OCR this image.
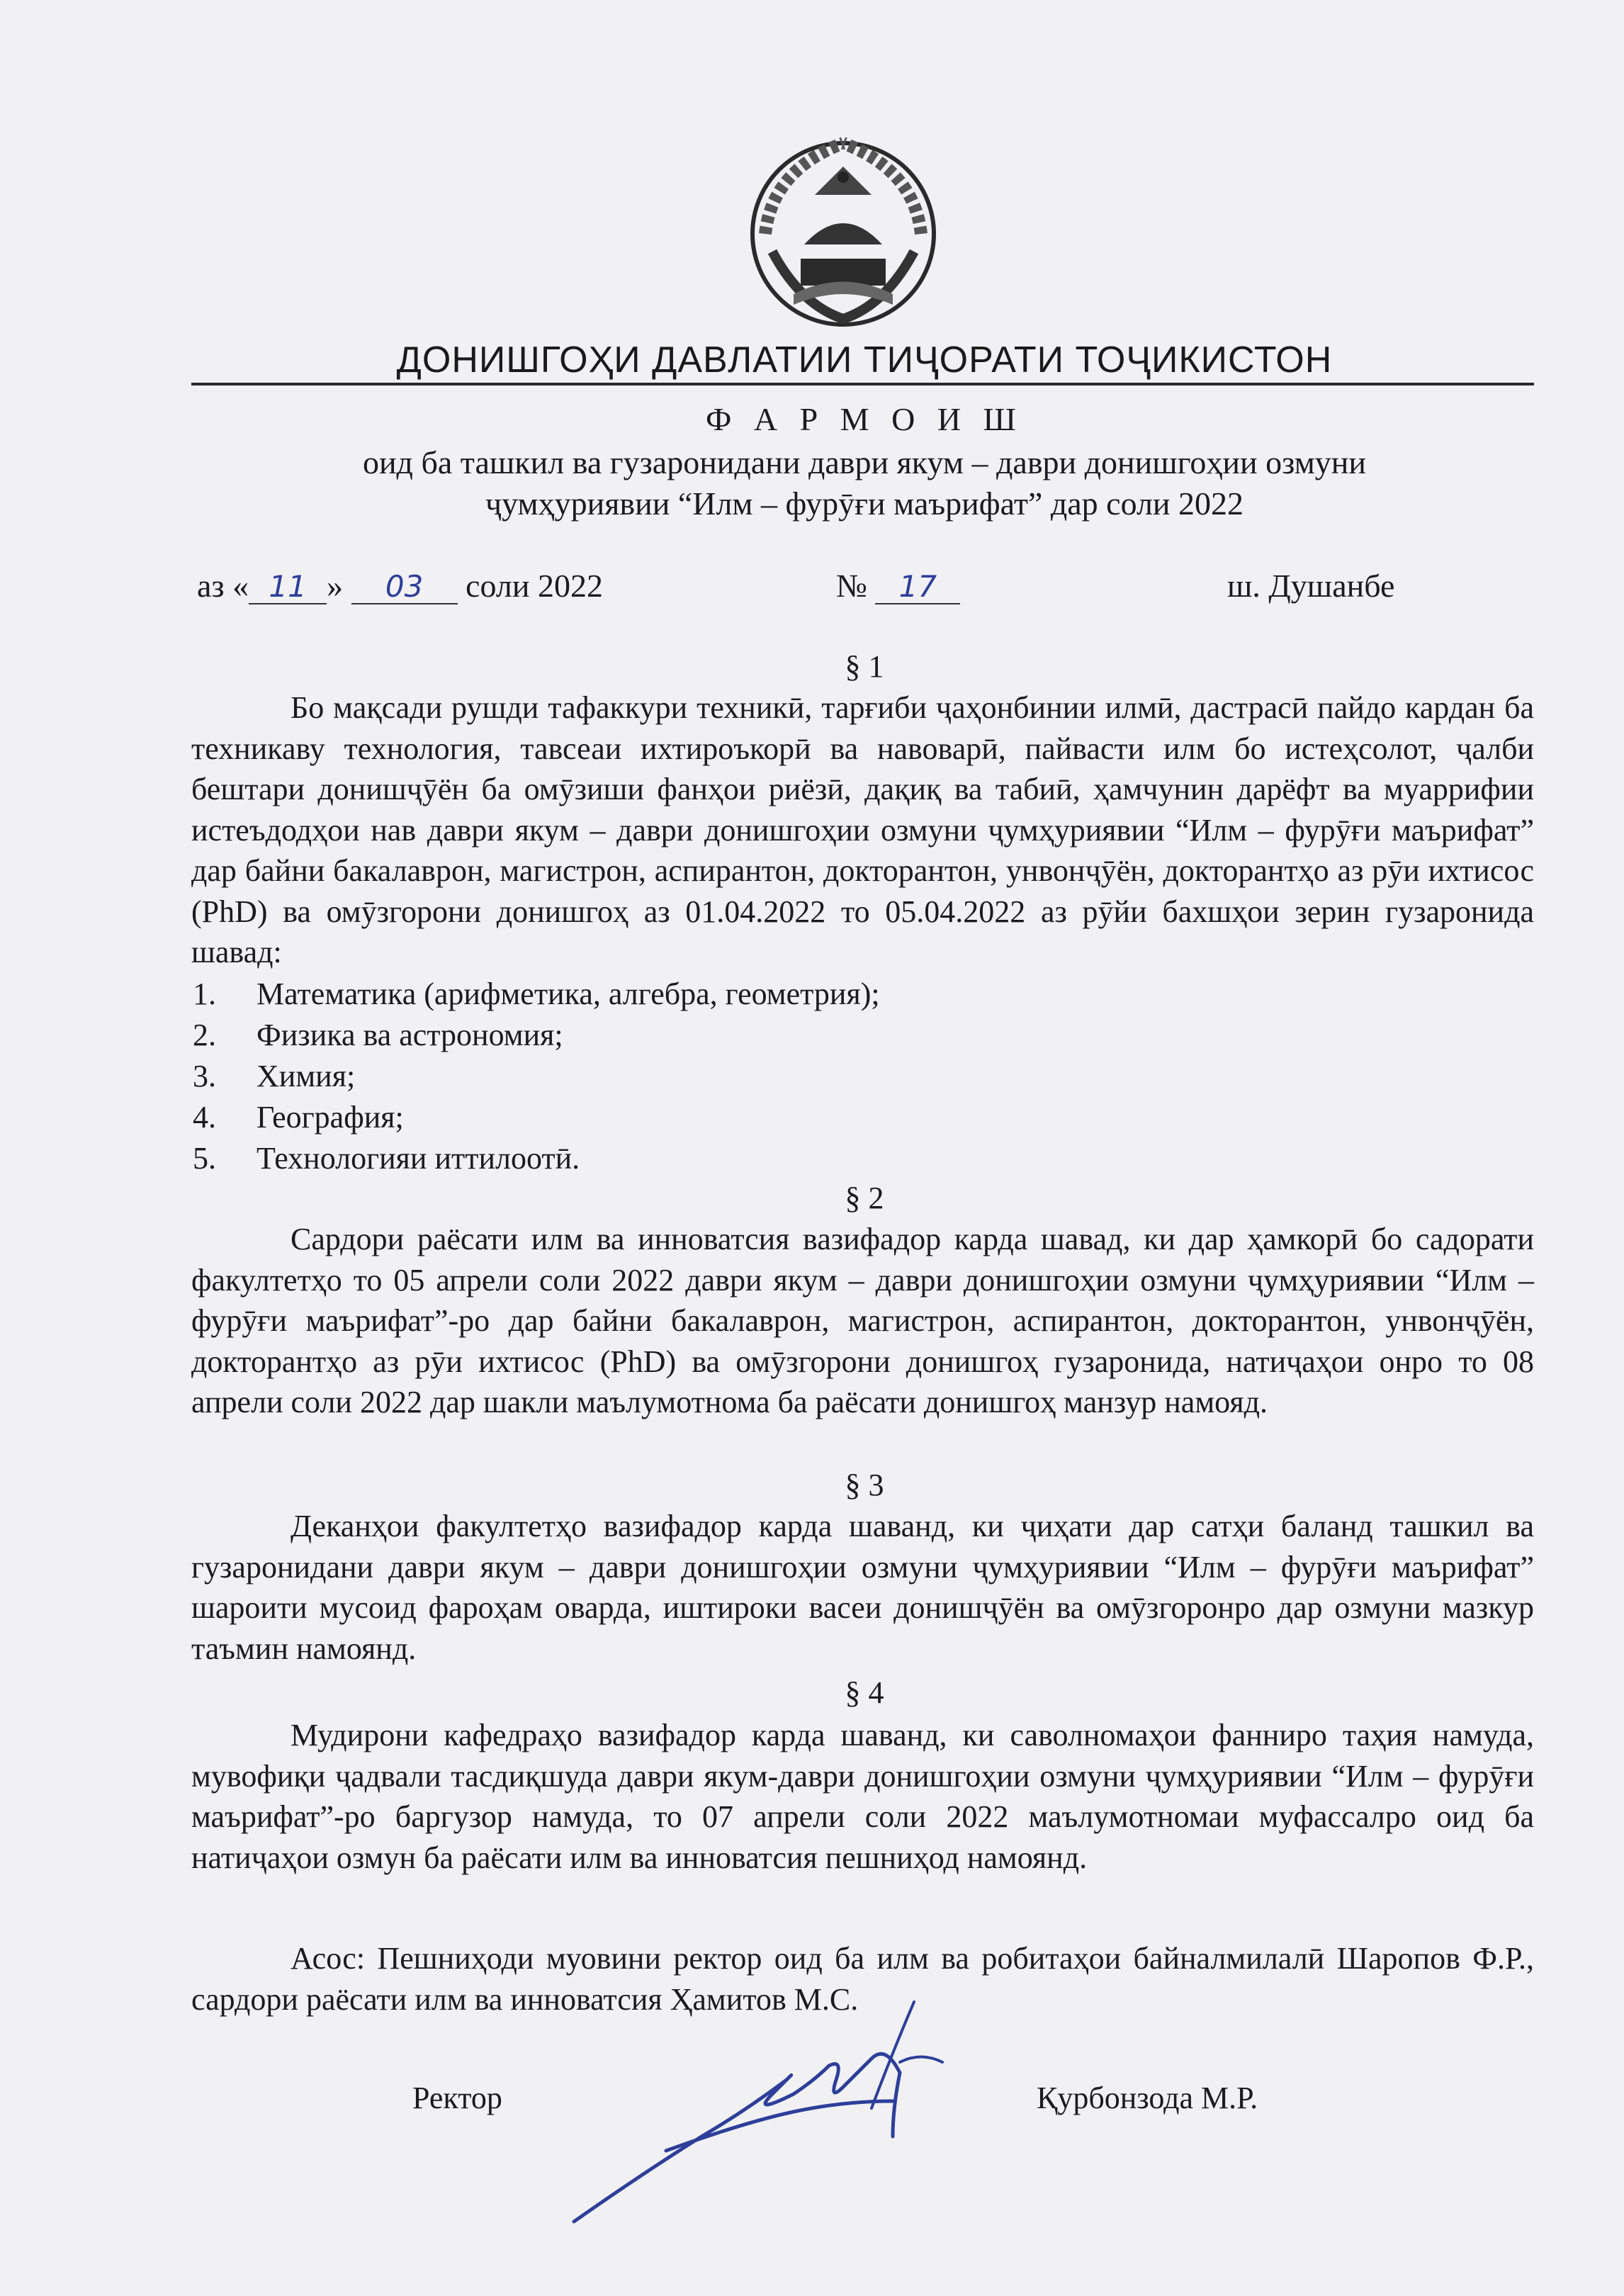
ДОНИШГОҲИ ДАВЛАТИИ ТИҶОРАТИ ТОҶИКИСТОН
Ф А Р М О И Ш
оид ба ташкил ва гузаронидани даври якум – даври донишгоҳии озмуни
ҷумҳуриявии “Илм – фурӯғи маърифат” дар соли 2022
аз « 11 » 03 соли 2022	№ 17	ш. Душанбе
§ 1

Бо мақсади рушди тафаккури техникӣ, тарғиби ҷаҳонбинии илмӣ, дастрасӣ пайдо кардан ба техникаву технология, тавсеаи ихтироъкорӣ ва навоварӣ, пайвасти илм бо истеҳсолот, ҷалби бештари донишҷӯён ба омӯзиши фанҳои риёзӣ, дақиқ ва табиӣ, ҳамчунин дарёфт ва муаррифии истеъдодҳои нав даври якум – даври донишгоҳии озмуни ҷумҳуриявии “Илм – фурӯғи маърифат” дар байни бакалаврон, магистрон, аспирантон, докторантон, унвонҷӯён, докторантҳо аз рӯи ихтисос (PhD) ва омӯзгорони донишгоҳ аз 01.04.2022 то 05.04.2022 аз рӯйи бахшҳои зерин гузаронида шавад:

1. Математика (арифметика, алгебра, геометрия);
2. Физика ва астрономия;
3. Химия;
4. География;
5. Технологияи иттилоотӣ.
§ 2

Сардори раёсати илм ва инноватсия вазифадор карда шавад, ки дар ҳамкорӣ бо садорати факултетҳо то 05 апрели соли 2022 даври якум – даври донишгоҳии озмуни ҷумҳуриявии “Илм – фурӯғи маърифат”-ро дар байни бакалаврон, магистрон, аспирантон, докторантон, унвонҷӯён, докторантҳо аз рӯи ихтисос (PhD) ва омӯзгорони донишгоҳ гузаронида, натиҷаҳои онро то 08 апрели соли 2022 дар шакли маълумотнома ба раёсати донишгоҳ манзур намояд.

§ 3

Деканҳои факултетҳо вазифадор карда шаванд, ки ҷиҳати дар сатҳи баланд ташкил ва гузаронидани даври якум – даври донишгоҳии озмуни ҷумҳуриявии “Илм – фурӯғи маърифат” шароити мусоид фароҳам оварда, иштироки васеи донишҷӯён ва омӯзгоронро дар озмуни мазкур таъмин намоянд.

§ 4

Мудирони кафедраҳо вазифадор карда шаванд, ки саволномаҳои фанниро таҳия намуда, мувофиқи ҷадвали тасдиқшуда даври якум-даври донишгоҳии озмуни ҷумҳуриявии “Илм – фурӯғи маърифат”-ро баргузор намуда, то 07 апрели соли 2022 маълумотномаи муфассалро оид ба натиҷаҳои озмун ба раёсати илм ва инноватсия пешниҳод намоянд.

Асос: Пешниҳоди муовини ректор оид ба илм ва робитаҳои байналмилалӣ Шаропов Ф.Р., сардори раёсати илм ва инноватсия Ҳамитов М.С.

Ректор	Қурбонзода М.Р.
